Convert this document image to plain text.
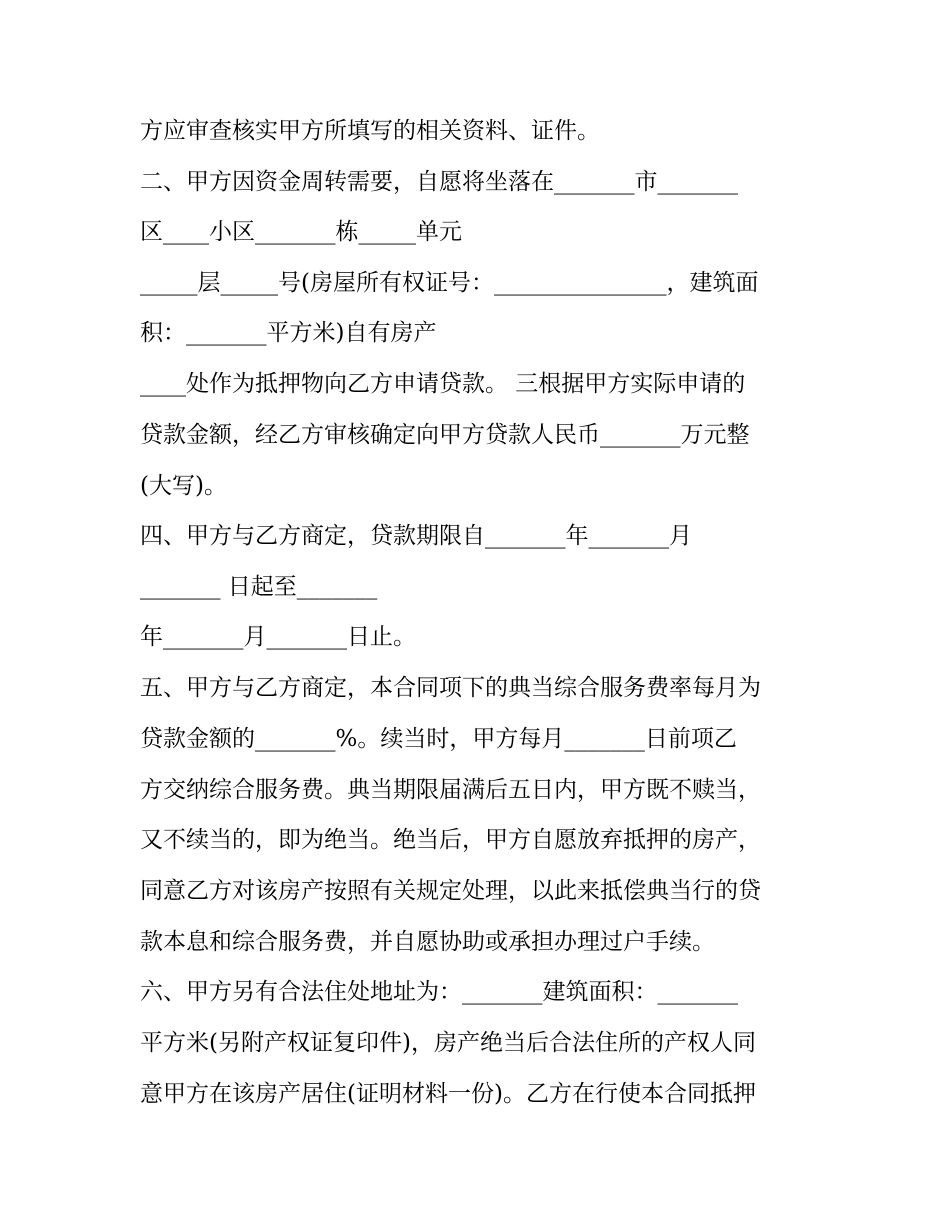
方应审查核实甲方所填写的相关资料、证件。

二、甲方因资金周转需要，自愿将坐落在_______市_______

区____小区_______栋_____单元

_____层_____号(房屋所有权证号：_______________，建筑面

积：_______平方米)自有房产

____处作为抵押物向乙方申请贷款。 三根据甲方实际申请的

贷款金额，经乙方审核确定向甲方贷款人民币_______万元整

(大写)。

四、甲方与乙方商定，贷款期限自_______年_______月

_______ 日起至_______

年_______月_______日止。

五、甲方与乙方商定，本合同项下的典当综合服务费率每月为

贷款金额的_______%。续当时，甲方每月_______日前项乙

方交纳综合服务费。典当期限届满后五日内，甲方既不赎当，

又不续当的，即为绝当。绝当后，甲方自愿放弃抵押的房产，

同意乙方对该房产按照有关规定处理，以此来抵偿典当行的贷

款本息和综合服务费，并自愿协助或承担办理过户手续。

六、甲方另有合法住处地址为：_______建筑面积：_______

平方米(另附产权证复印件)，房产绝当后合法住所的产权人同

意甲方在该房产居住(证明材料一份)。乙方在行使本合同抵押
